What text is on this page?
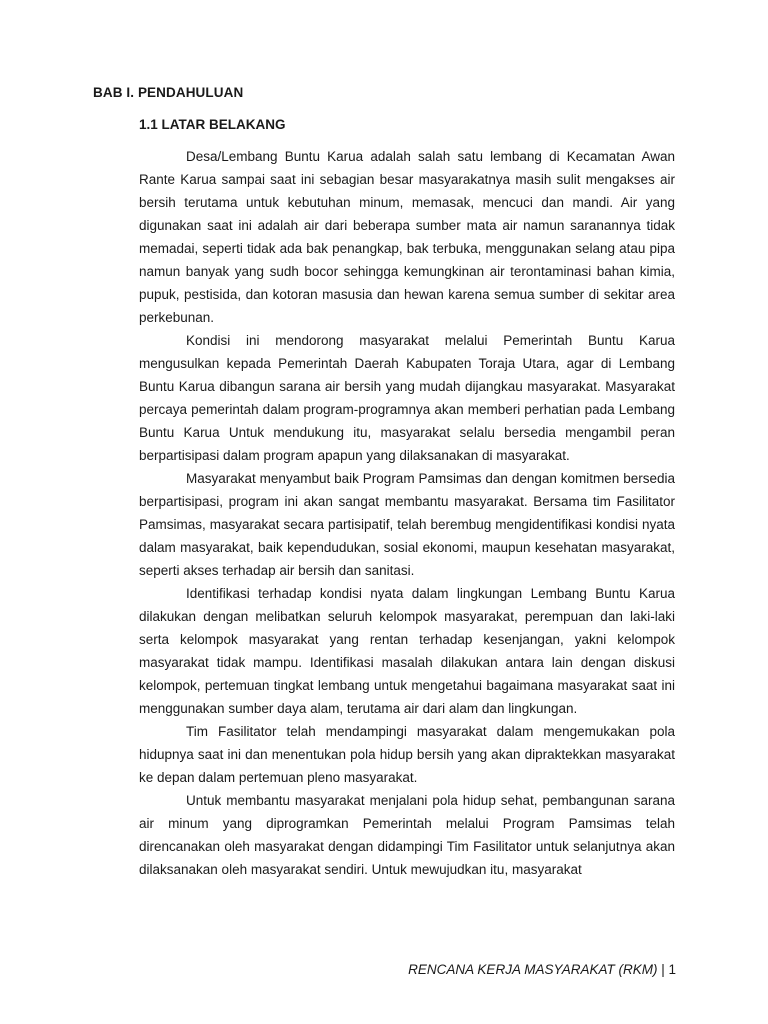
BAB I. PENDAHULUAN
1.1 LATAR BELAKANG

Desa/Lembang Buntu Karua adalah salah satu lembang di Kecamatan Awan Rante Karua sampai saat ini sebagian besar masyarakatnya masih sulit mengakses air bersih terutama untuk kebutuhan minum, memasak, mencuci dan mandi. Air yang digunakan saat ini adalah air dari beberapa sumber mata air namun saranannya tidak memadai, seperti tidak ada bak penangkap, bak terbuka, menggunakan selang atau pipa namun banyak yang sudh bocor sehingga kemungkinan air terontaminasi bahan kimia, pupuk, pestisida, dan kotoran masusia dan hewan karena semua sumber di sekitar area perkebunan.

Kondisi ini mendorong masyarakat melalui Pemerintah Buntu Karua mengusulkan kepada Pemerintah Daerah Kabupaten Toraja Utara, agar di Lembang Buntu Karua dibangun sarana air bersih yang mudah dijangkau masyarakat. Masyarakat percaya pemerintah dalam program-programnya akan memberi perhatian pada Lembang Buntu Karua Untuk mendukung itu, masyarakat selalu bersedia mengambil peran berpartisipasi dalam program apapun yang dilaksanakan di masyarakat.

Masyarakat menyambut baik Program Pamsimas dan dengan komitmen bersedia berpartisipasi, program ini akan sangat membantu masyarakat. Bersama tim Fasilitator Pamsimas, masyarakat secara partisipatif, telah berembug mengidentifikasi kondisi nyata dalam masyarakat, baik kependudukan, sosial ekonomi, maupun kesehatan masyarakat, seperti akses terhadap air bersih dan sanitasi.

Identifikasi terhadap kondisi nyata dalam lingkungan Lembang Buntu Karua dilakukan dengan melibatkan seluruh kelompok masyarakat, perempuan dan laki-laki serta kelompok masyarakat yang rentan terhadap kesenjangan, yakni kelompok masyarakat tidak mampu. Identifikasi masalah dilakukan antara lain dengan diskusi kelompok, pertemuan tingkat lembang untuk mengetahui bagaimana masyarakat saat ini menggunakan sumber daya alam, terutama air dari alam dan lingkungan.

Tim Fasilitator telah mendampingi masyarakat dalam mengemukakan pola hidupnya saat ini dan menentukan pola hidup bersih yang akan dipraktekkan masyarakat ke depan dalam pertemuan pleno masyarakat.

Untuk membantu masyarakat menjalani pola hidup sehat, pembangunan sarana air minum yang diprogramkan Pemerintah melalui Program Pamsimas telah direncanakan oleh masyarakat dengan didampingi Tim Fasilitator untuk selanjutnya akan dilaksanakan oleh masyarakat sendiri. Untuk mewujudkan itu, masyarakat

RENCANA KERJA MASYARAKAT (RKM) | 1
